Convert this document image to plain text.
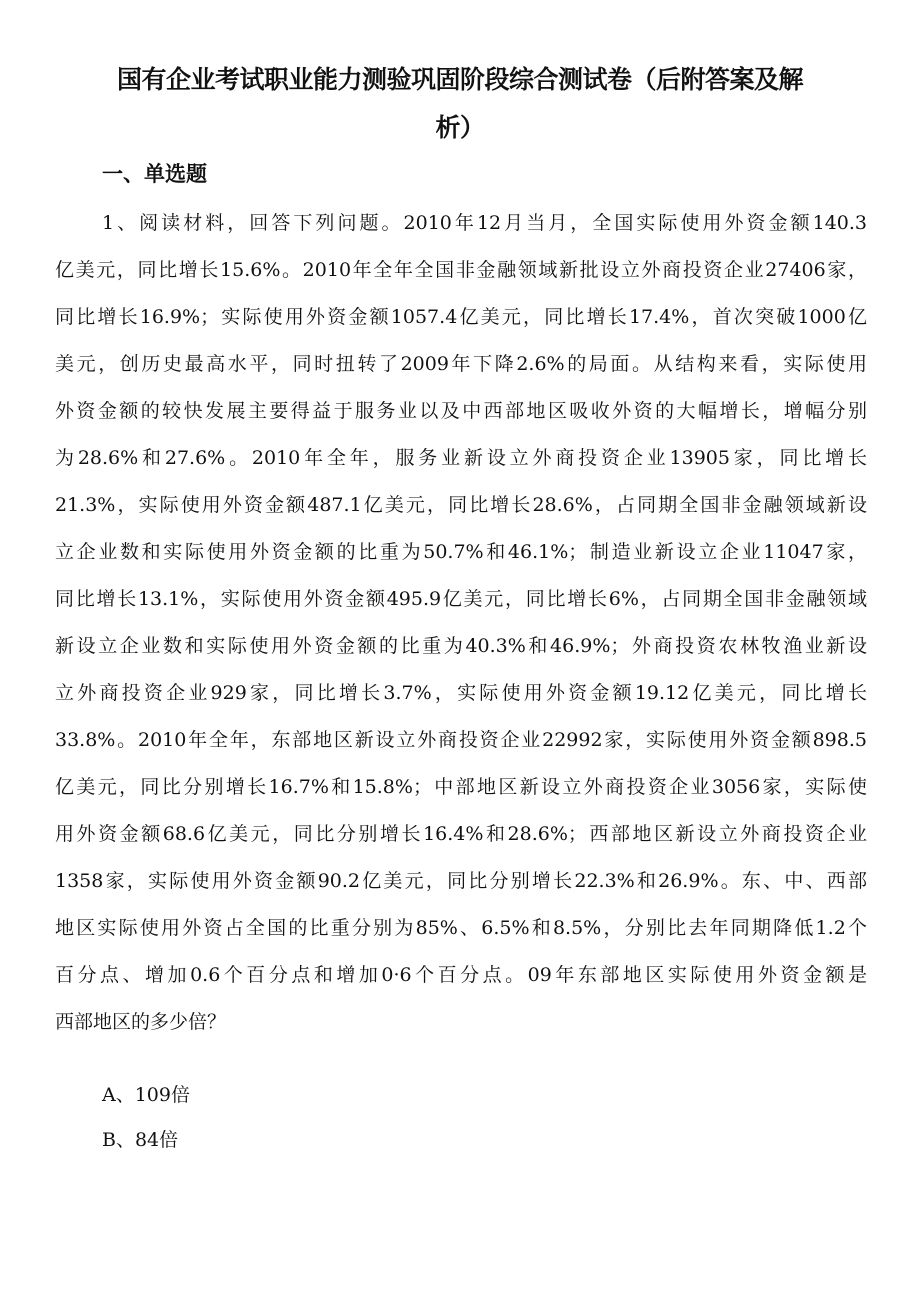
国有企业考试职业能力测验巩固阶段综合测试卷（后附答案及解
析）
一、单选题
1、阅读材料，回答下列问题。2010年12月当月，全国实际使用外资金额140.3
亿美元，同比增长15.6%。2010年全年全国非金融领域新批设立外商投资企业27406家，
同比增长16.9%；实际使用外资金额1057.4亿美元，同比增长17.4%，首次突破1000亿
美元，创历史最高水平，同时扭转了2009年下降2.6%的局面。从结构来看，实际使用
外资金额的较快发展主要得益于服务业以及中西部地区吸收外资的大幅增长，增幅分别
为28.6%和27.6%。2010年全年，服务业新设立外商投资企业13905家，同比增长
21.3%，实际使用外资金额487.1亿美元，同比增长28.6%，占同期全国非金融领域新设
立企业数和实际使用外资金额的比重为50.7%和46.1%；制造业新设立企业11047家，
同比增长13.1%，实际使用外资金额495.9亿美元，同比增长6%，占同期全国非金融领域
新设立企业数和实际使用外资金额的比重为40.3%和46.9%；外商投资农林牧渔业新设
立外商投资企业929家，同比增长3.7%，实际使用外资金额19.12亿美元，同比增长
33.8%。2010年全年，东部地区新设立外商投资企业22992家，实际使用外资金额898.5
亿美元，同比分别增长16.7%和15.8%；中部地区新设立外商投资企业3056家，实际使
用外资金额68.6亿美元，同比分别增长16.4%和28.6%；西部地区新设立外商投资企业
1358家，实际使用外资金额90.2亿美元，同比分别增长22.3%和26.9%。东、中、西部
地区实际使用外资占全国的比重分别为85%、6.5%和8.5%，分别比去年同期降低1.2个
百分点、增加0.6个百分点和增加0·6个百分点。09年东部地区实际使用外资金额是
西部地区的多少倍？
A、109倍
B、84倍
